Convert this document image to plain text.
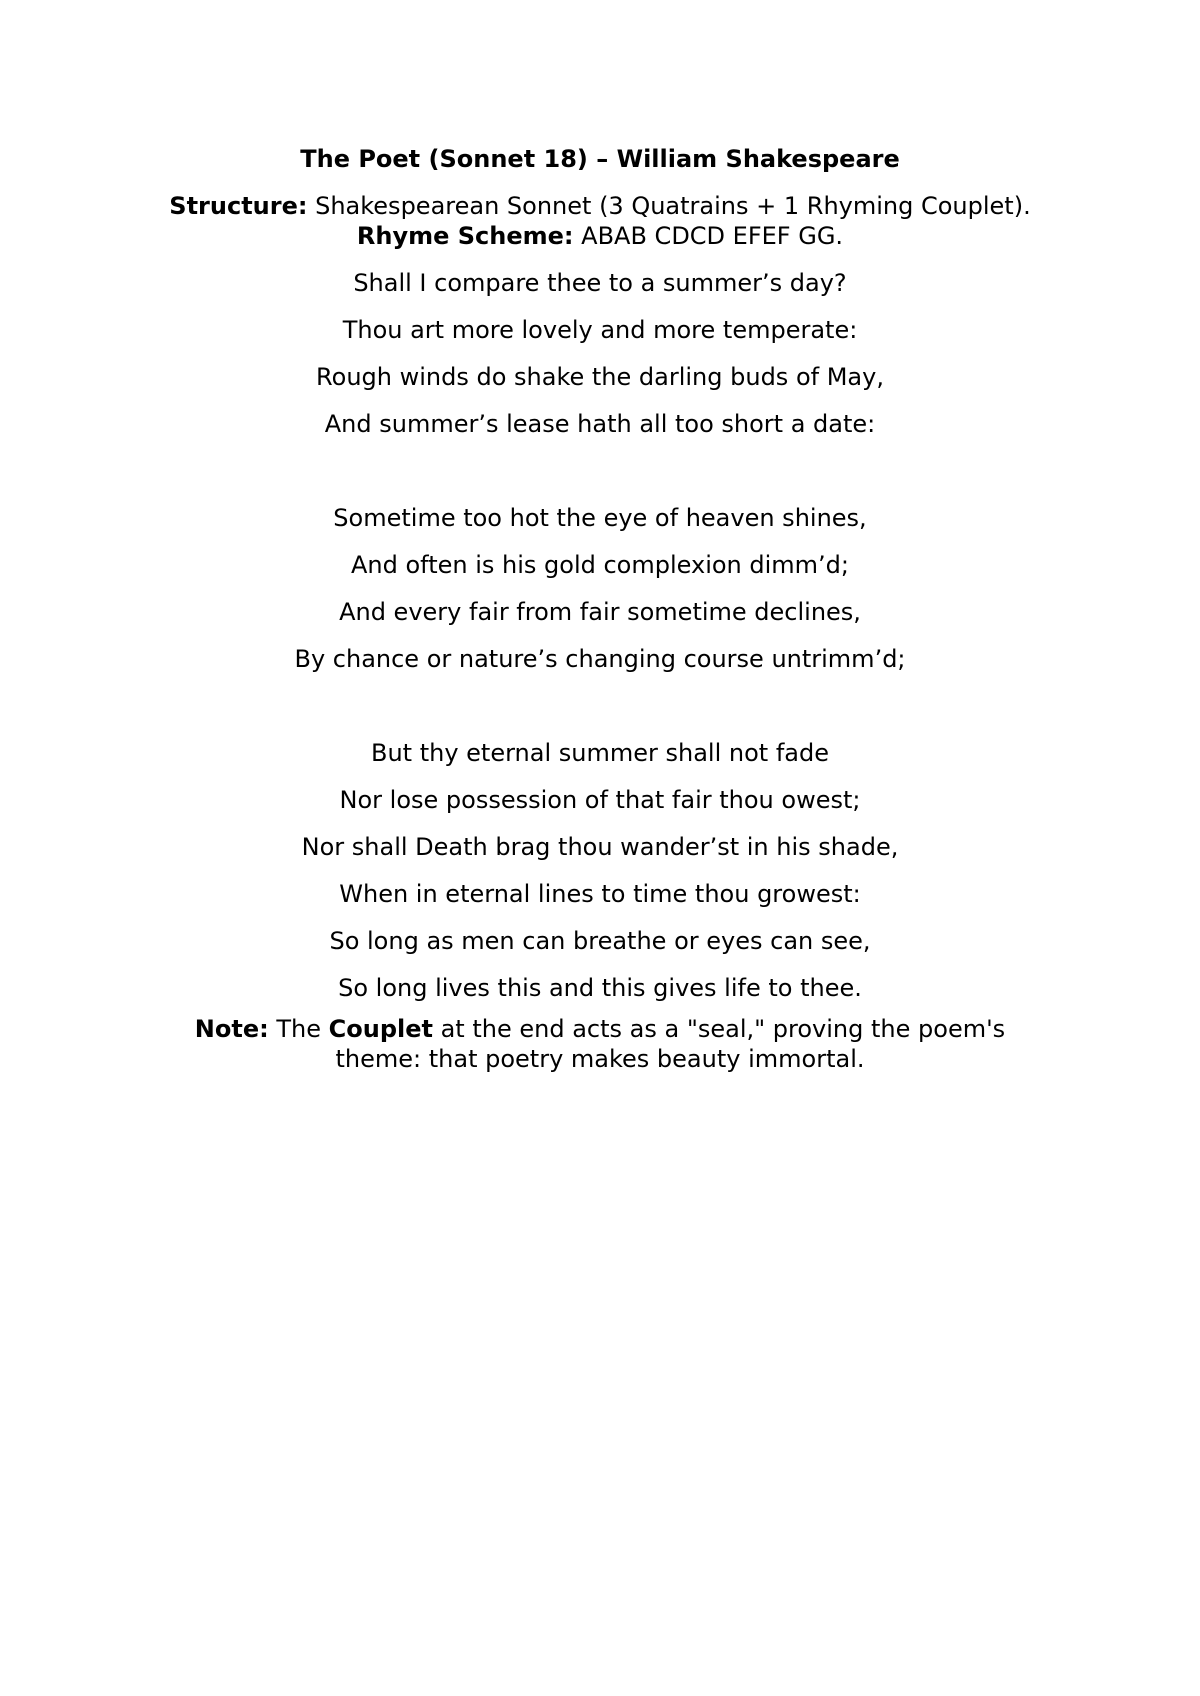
The Poet (Sonnet 18) – William Shakespeare
Structure: Shakespearean Sonnet (3 Quatrains + 1 Rhyming Couplet).
Rhyme Scheme: ABAB CDCD EFEF GG.
Shall I compare thee to a summer’s day?
Thou art more lovely and more temperate:
Rough winds do shake the darling buds of May,
And summer’s lease hath all too short a date:
Sometime too hot the eye of heaven shines,
And often is his gold complexion dimm’d;
And every fair from fair sometime declines,
By chance or nature’s changing course untrimm’d;
But thy eternal summer shall not fade
Nor lose possession of that fair thou owest;
Nor shall Death brag thou wander’st in his shade,
When in eternal lines to time thou growest:
So long as men can breathe or eyes can see,
So long lives this and this gives life to thee.
Note: The Couplet at the end acts as a "seal," proving the poem's
theme: that poetry makes beauty immortal.
